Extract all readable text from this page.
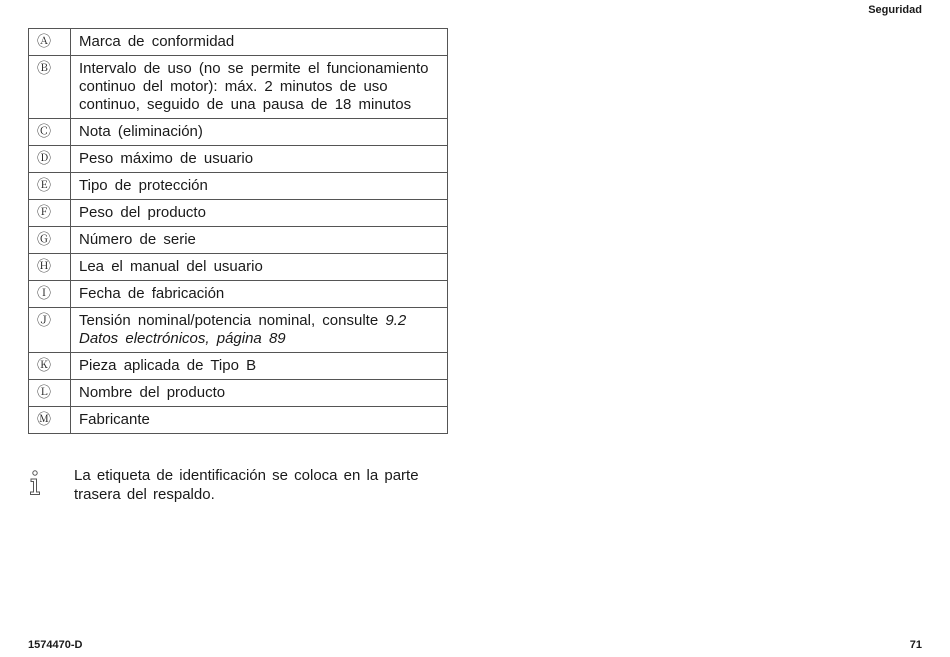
Seguridad
Ⓐ	Marca de conformidad
Ⓑ	Intervalo de uso (no se permite el funcionamiento continuo del motor): máx. 2 minutos de uso continuo, seguido de una pausa de 18 minutos
Ⓒ	Nota (eliminación)
Ⓓ	Peso máximo de usuario
Ⓔ	Tipo de protección
Ⓕ	Peso del producto
Ⓖ	Número de serie
Ⓗ	Lea el manual del usuario
Ⓘ	Fecha de fabricación
Ⓙ	Tensión nominal/potencia nominal, consulte 9.2 Datos electrónicos, página 89
Ⓚ	Pieza aplicada de Tipo B
Ⓛ	Nombre del producto
Ⓜ	Fabricante
La etiqueta de identificación se coloca en la parte trasera del respaldo.
1574470-D	71
